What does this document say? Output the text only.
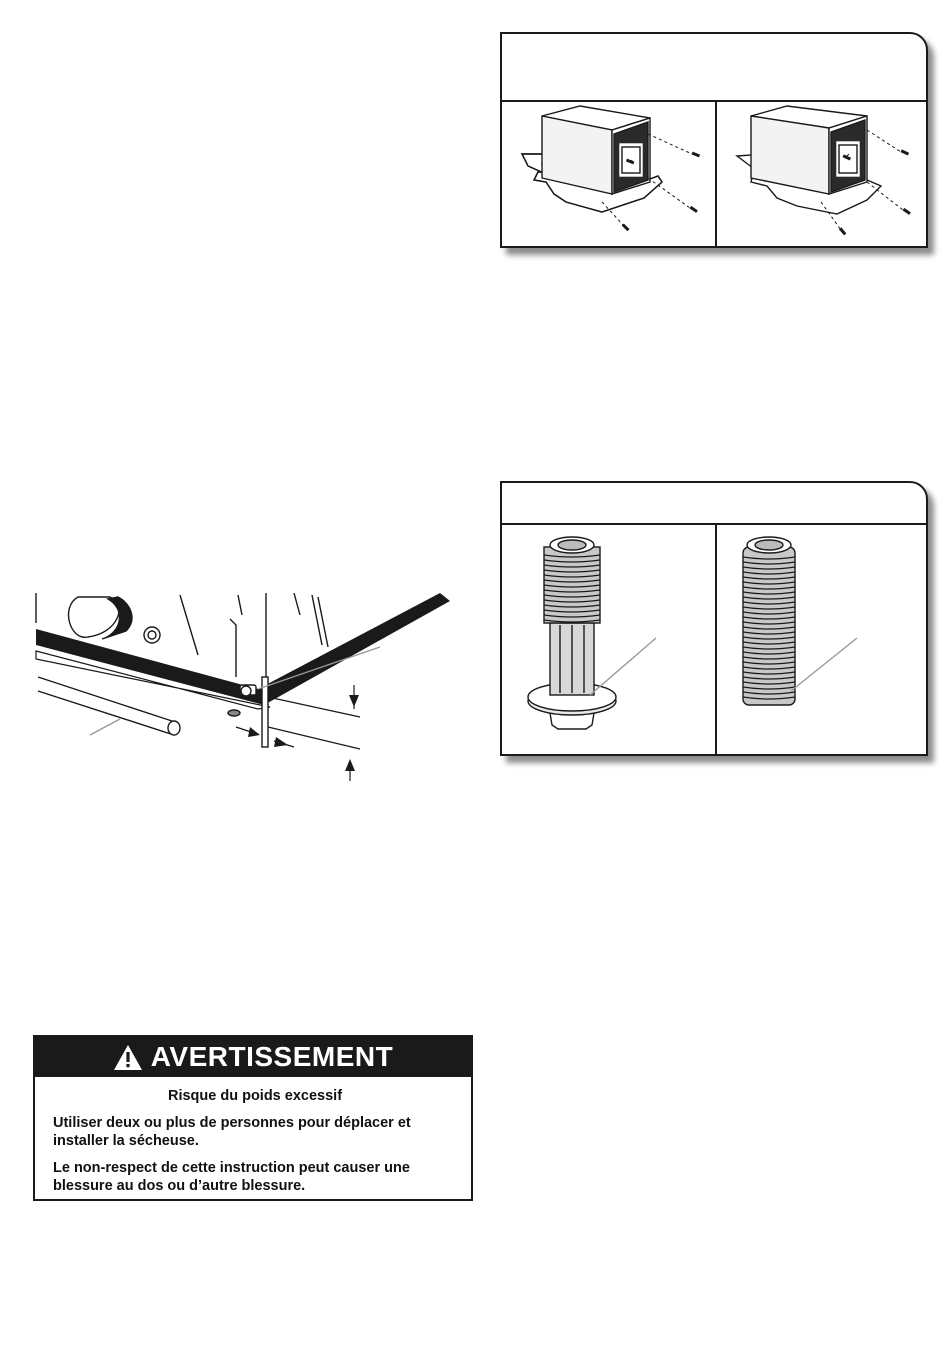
AVERTISSEMENT
Risque du poids excessif

Utiliser deux ou plus de personnes pour déplacer et installer la sécheuse.

Le non-respect de cette instruction peut causer une blessure au dos ou d’autre blessure.
